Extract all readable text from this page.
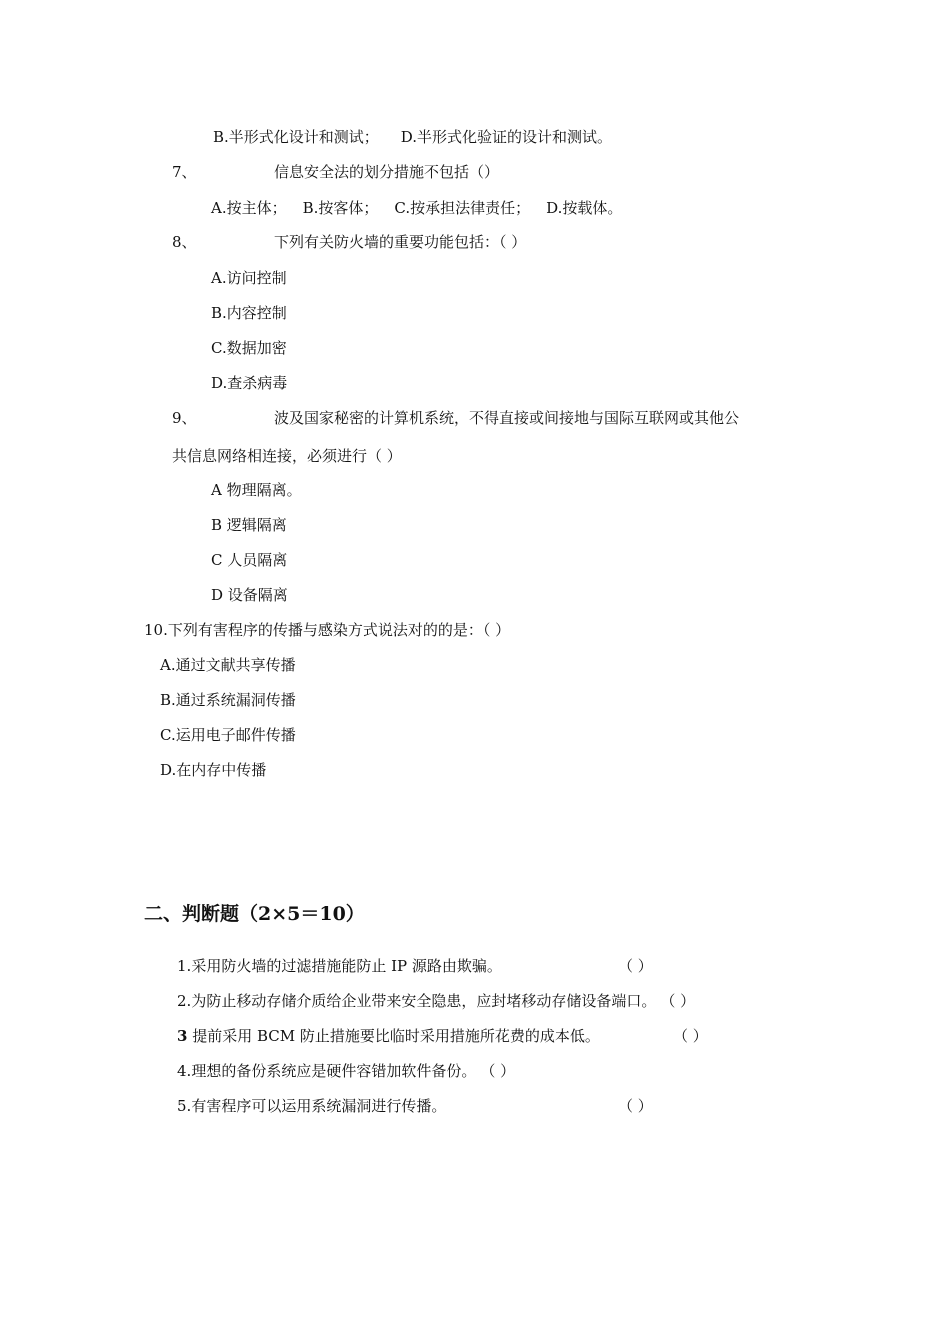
B.半形式化设计和测试； D.半形式化验证的设计和测试。
7、	信息安全法的划分措施不包括（）
A.按主体； B.按客体； C.按承担法律责任； D.按载体。
8、	下列有关防火墙的重要功能包括：（ ）
A.访问控制
B.内容控制
C.数据加密
D.查杀病毒
9、	波及国家秘密的计算机系统，不得直接或间接地与国际互联网或其他公
共信息网络相连接，必须进行（ ）
A 物理隔离。
B 逻辑隔离
C 人员隔离
D 设备隔离
10.下列有害程序的传播与感染方式说法对的的是：（ ）
A.通过文献共享传播
B.通过系统漏洞传播
C.运用电子邮件传播
D.在内存中传播
二、判断题（2×5＝10）
1.采用防火墙的过滤措施能防止 IP 源路由欺骗。	（ ）
2.为防止移动存储介质给企业带来安全隐患，应封堵移动存储设备端口。 （ ）
3 提前采用 BCM 防止措施要比临时采用措施所花费的成本低。	（ ）
4.理想的备份系统应是硬件容错加软件备份。 （ ）
5.有害程序可以运用系统漏洞进行传播。	（ ）
